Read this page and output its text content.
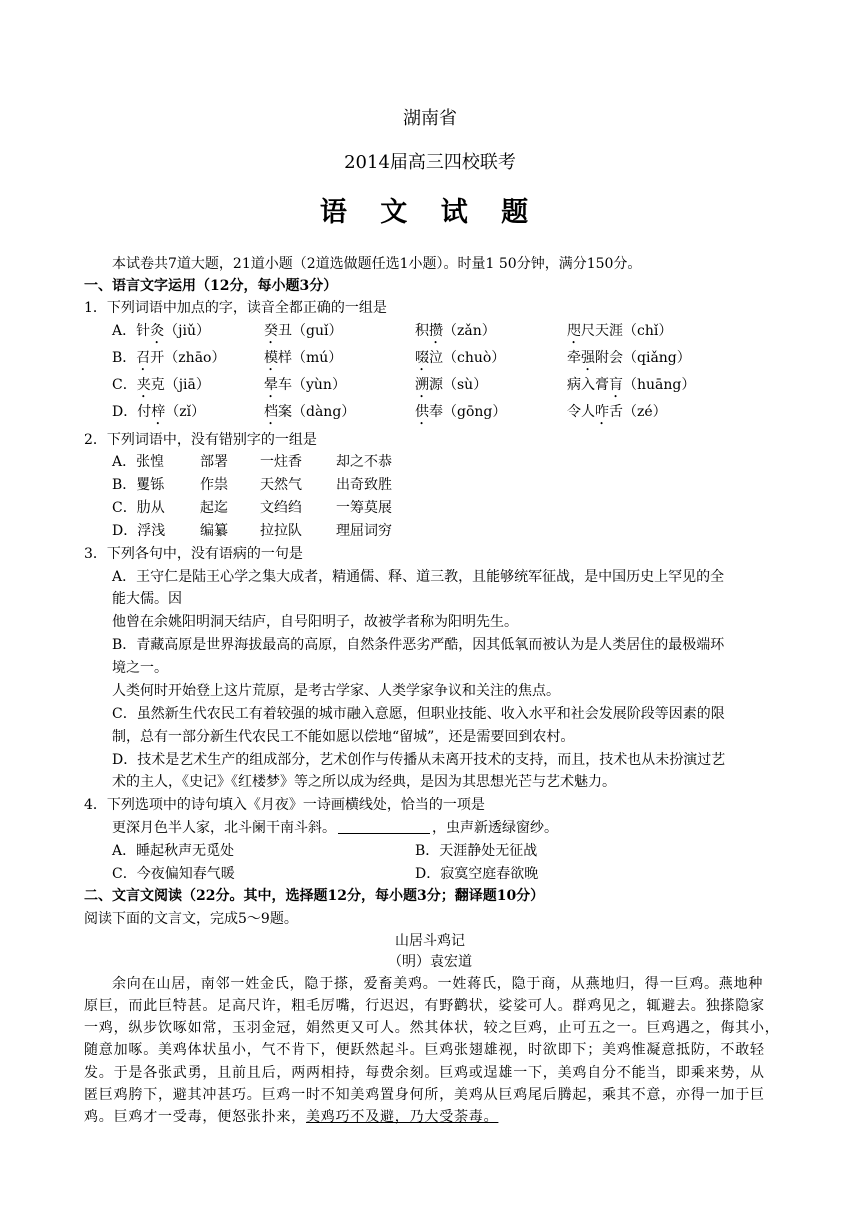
湖南省
2014届高三四校联考
语 文 试 题
本试卷共7道大题，21道小题（2道选做题任选1小题）。时量1 50分钟，满分150分。
一、语言文字运用（12分，每小题3分）
1．下列词语中加点的字，读音全都正确的一组是
A．针灸（jiǔ）	癸丑（guǐ）	积攒（zǎn）	咫尺天涯（chǐ）
B．召开（zhāo）	模样（mú）	啜泣（chuò）	牵强附会（qiǎng）
C．夹克（jiā）	晕车（yùn）	溯源（sù）	病入膏肓（huāng）
D．付梓（zǐ）	档案（dàng）	供奉（gōng）	令人咋舌（zé）
2．下列词语中，没有错别字的一组是
A．张惶	部署 一炷香 却之不恭
B．矍铄	作祟 天然气 出奇致胜
C．肋从	起迄 文绉绉 一筹莫展
D．浮浅 编纂 拉拉队 理屈词穷
3．下列各句中，没有语病的一句是
A．王守仁是陆王心学之集大成者，精通儒、释、道三教，且能够统军征战，是中国历史上罕见的全
能大儒。因
他曾在余姚阳明洞天结庐，自号阳明子，故被学者称为阳明先生。
B．青藏高原是世界海拔最高的高原，自然条件恶劣严酷，因其低氧而被认为是人类居住的最极端环
境之一。
人类何时开始登上这片荒原，是考古学家、人类学家争议和关注的焦点。
C．虽然新生代农民工有着较强的城市融入意愿，但职业技能、收入水平和社会发展阶段等因素的限
制，总有一部分新生代农民工不能如愿以偿地“留城”，还是需要回到农村。
D．技术是艺术生产的组成部分，艺术创作与传播从未离开技术的支持，而且，技术也从未扮演过艺
术的主人，《史记》《红楼梦》等之所以成为经典，是因为其思想光芒与艺术魅力。
4．下列选项中的诗句填入《月夜》一诗画横线处，恰当的一项是
更深月色半人家，北斗阑干南斗斜。	，虫声新透绿窗纱。
A．睡起秋声无觅处	B．天涯静处无征战
C．今夜偏知春气暖	D．寂寞空庭春欲晚
二、文言文阅读（22分。其中，选择题12分，每小题3分；翻译题10分）
阅读下面的文言文，完成5～9题。
山居斗鸡记
（明）袁宏道
余向在山居，南邻一姓金氏，隐于搽，爱畜美鸡。一姓蒋氏，隐于商，从燕地归，得一巨鸡。燕地种
原巨，而此巨特甚。足高尺许，粗毛厉嘴，行迟迟，有野鹳状，娑娑可人。群鸡见之，辄避去。独搽隐家
一鸡，纵步饮啄如常，玉羽金冠，娟然更又可人。然其体状，较之巨鸡，止可五之一。巨鸡遇之，侮其小，
随意加啄。美鸡体状虽小，气不肯下，便跃然起斗。巨鸡张翅雄视，时欲即下；美鸡惟凝意抵防，不敢轻
发。于是各张武勇，且前且后，两两相持，每费余刻。巨鸡或逞雄一下，美鸡自分不能当，即乘来势，从
匿巨鸡胯下，避其冲甚巧。巨鸡一时不知美鸡置身何所，美鸡从巨鸡尾后腾起，乘其不意，亦得一加于巨
鸡。巨鸡才一受毒，便怒张扑来，美鸡巧不及避，乃大受荼毒。
